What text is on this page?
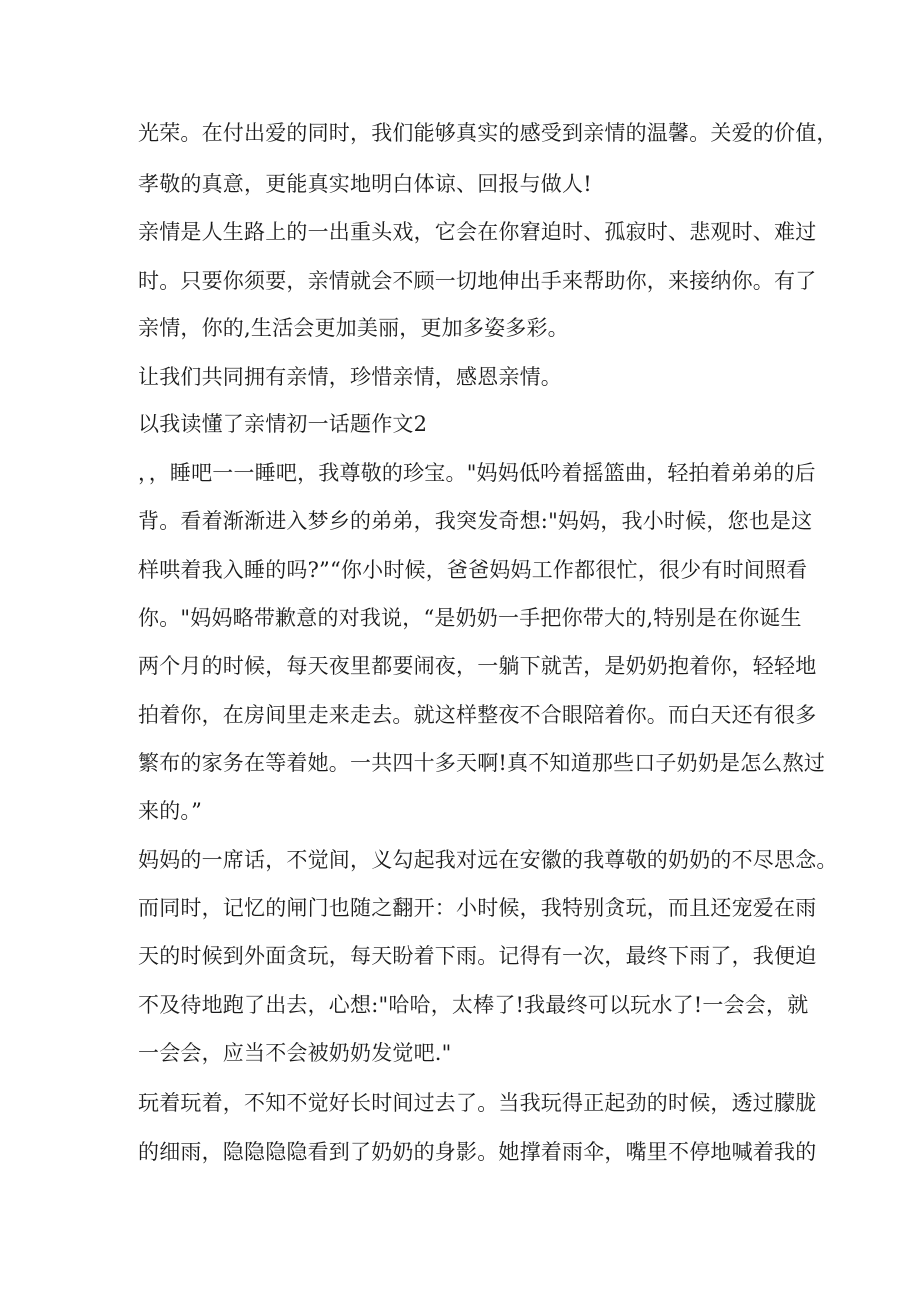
光荣。在付出爱的同时，我们能够真实的感受到亲情的温馨。关爱的价值，
孝敬的真意，更能真实地明白体谅、回报与做人!
亲情是人生路上的一出重头戏，它会在你窘迫时、孤寂时、悲观时、难过
时。只要你须要，亲情就会不顾一切地伸出手来帮助你，来接纳你。有了
亲情，你的,生活会更加美丽，更加多姿多彩。
让我们共同拥有亲情，珍惜亲情，感恩亲情。
以我读懂了亲情初一话题作文2
，，睡吧一一睡吧，我尊敬的珍宝。"妈妈低吟着摇篮曲，轻拍着弟弟的后
背。看着渐渐进入梦乡的弟弟，我突发奇想:"妈妈，我小时候，您也是这
样哄着我入睡的吗?”“你小时候，爸爸妈妈工作都很忙，很少有时间照看
你。"妈妈略带歉意的对我说，“是奶奶一手把你带大的,特别是在你诞生
两个月的时候，每天夜里都要闹夜，一躺下就苦，是奶奶抱着你，轻轻地
拍着你，在房间里走来走去。就这样整夜不合眼陪着你。而白天还有很多
繁布的家务在等着她。一共四十多天啊!真不知道那些口子奶奶是怎么熬过
来的。”
妈妈的一席话，不觉间，义勾起我对远在安徽的我尊敬的奶奶的不尽思念。
而同时，记忆的闸门也随之翻开：小时候，我特别贪玩，而且还宠爱在雨
天的时候到外面贪玩，每天盼着下雨。记得有一次，最终下雨了，我便迫
不及待地跑了出去，心想:"哈哈，太棒了!我最终可以玩水了!一会会，就
一会会，应当不会被奶奶发觉吧."
玩着玩着，不知不觉好长时间过去了。当我玩得正起劲的时候，透过朦胧
的细雨，隐隐隐隐看到了奶奶的身影。她撑着雨伞，嘴里不停地喊着我的
